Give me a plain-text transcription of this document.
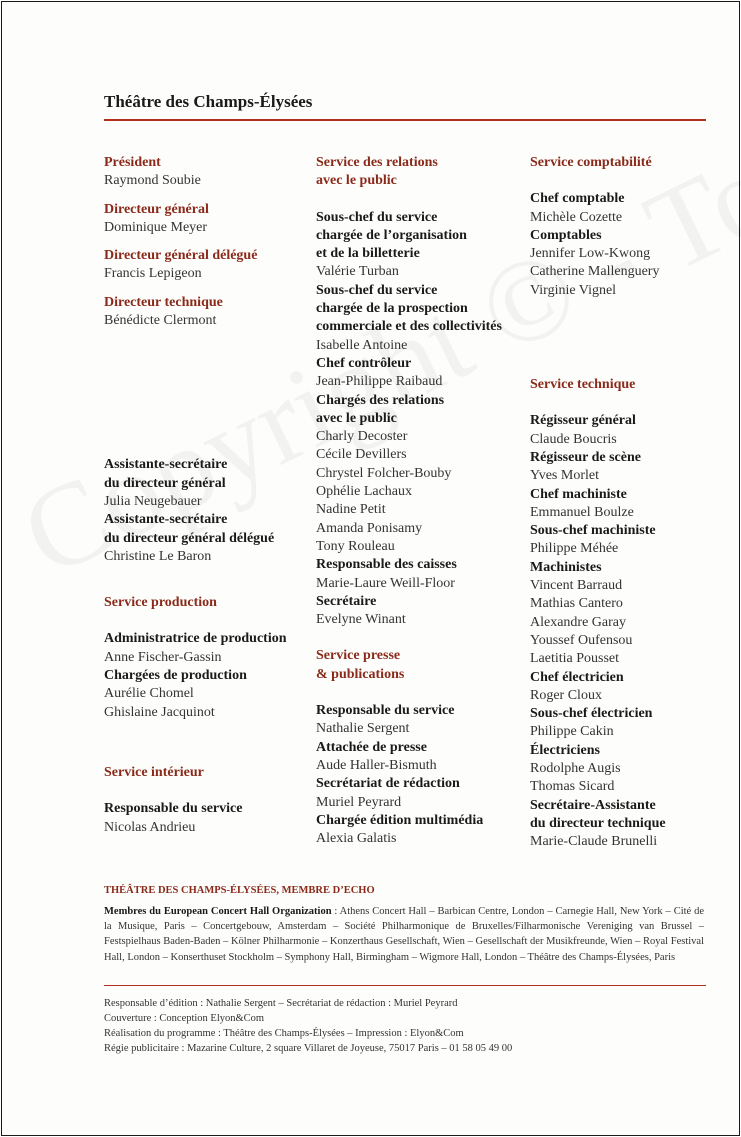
Théâtre des Champs-Élysées
Président
Raymond Soubie
Directeur général
Dominique Meyer
Directeur général délégué
Francis Lepigeon
Directeur technique
Bénédicte Clermont
Assistante-secrétaire
du directeur général
Julia Neugebauer
Assistante-secrétaire
du directeur général délégué
Christine Le Baron
Service production
Administratrice de production
Anne Fischer-Gassin
Chargées de production
Aurélie Chomel
Ghislaine Jacquinot
Service intérieur
Responsable du service
Nicolas Andrieu
Service des relations
avec le public
Sous-chef du service
chargée de l’organisation
et de la billetterie
Valérie Turban
Sous-chef du service
chargée de la prospection
commerciale et des collectivités
Isabelle Antoine
Chef contrôleur
Jean-Philippe Raibaud
Chargés des relations
avec le public
Charly Decoster
Cécile Devillers
Chrystel Folcher-Bouby
Ophélie Lachaux
Nadine Petit
Amanda Ponisamy
Tony Rouleau
Responsable des caisses
Marie-Laure Weill-Floor
Secrétaire
Evelyne Winant
Service presse
& publications
Responsable du service
Nathalie Sergent
Attachée de presse
Aude Haller-Bismuth
Secrétariat de rédaction
Muriel Peyrard
Chargée édition multimédia
Alexia Galatis
Service comptabilité
Chef comptable
Michèle Cozette
Comptables
Jennifer Low-Kwong
Catherine Mallenguery
Virginie Vignel
Service technique
Régisseur général
Claude Boucris
Régisseur de scène
Yves Morlet
Chef machiniste
Emmanuel Boulze
Sous-chef machiniste
Philippe Méhée
Machinistes
Vincent Barraud
Mathias Cantero
Alexandre Garay
Youssef Oufensou
Laetitia Pousset
Chef électricien
Roger Cloux
Sous-chef électricien
Philippe Cakin
Électriciens
Rodolphe Augis
Thomas Sicard
Secrétaire-Assistante
du directeur technique
Marie-Claude Brunelli
THÉÂTRE DES CHAMPS-ÉLYSÉES, MEMBRE D’ECHO
Membres du European Concert Hall Organization : Athens Concert Hall – Barbican Centre, London – Carnegie Hall, New York – Cité de la Musique, Paris – Concertgebouw, Amsterdam – Société Philharmonique de Bruxelles/Filharmonische Vereniging van Brussel – Festspielhaus Baden-Baden – Kölner Philharmonie – Konzerthaus Gesellschaft, Wien – Gesellschaft der Musikfreunde, Wien – Royal Festival Hall, London – Konserthuset Stockholm – Symphony Hall, Birmingham – Wigmore Hall, London – Théâtre des Champs-Élysées, Paris
Responsable d’édition : Nathalie Sergent – Secrétariat de rédaction : Muriel Peyrard
Couverture : Conception Elyon&Com
Réalisation du programme : Théâtre des Champs-Élysées – Impression : Elyon&Com
Régie publicitaire : Mazarine Culture, 2 square Villaret de Joyeuse, 75017 Paris – 01 58 05 49 00
